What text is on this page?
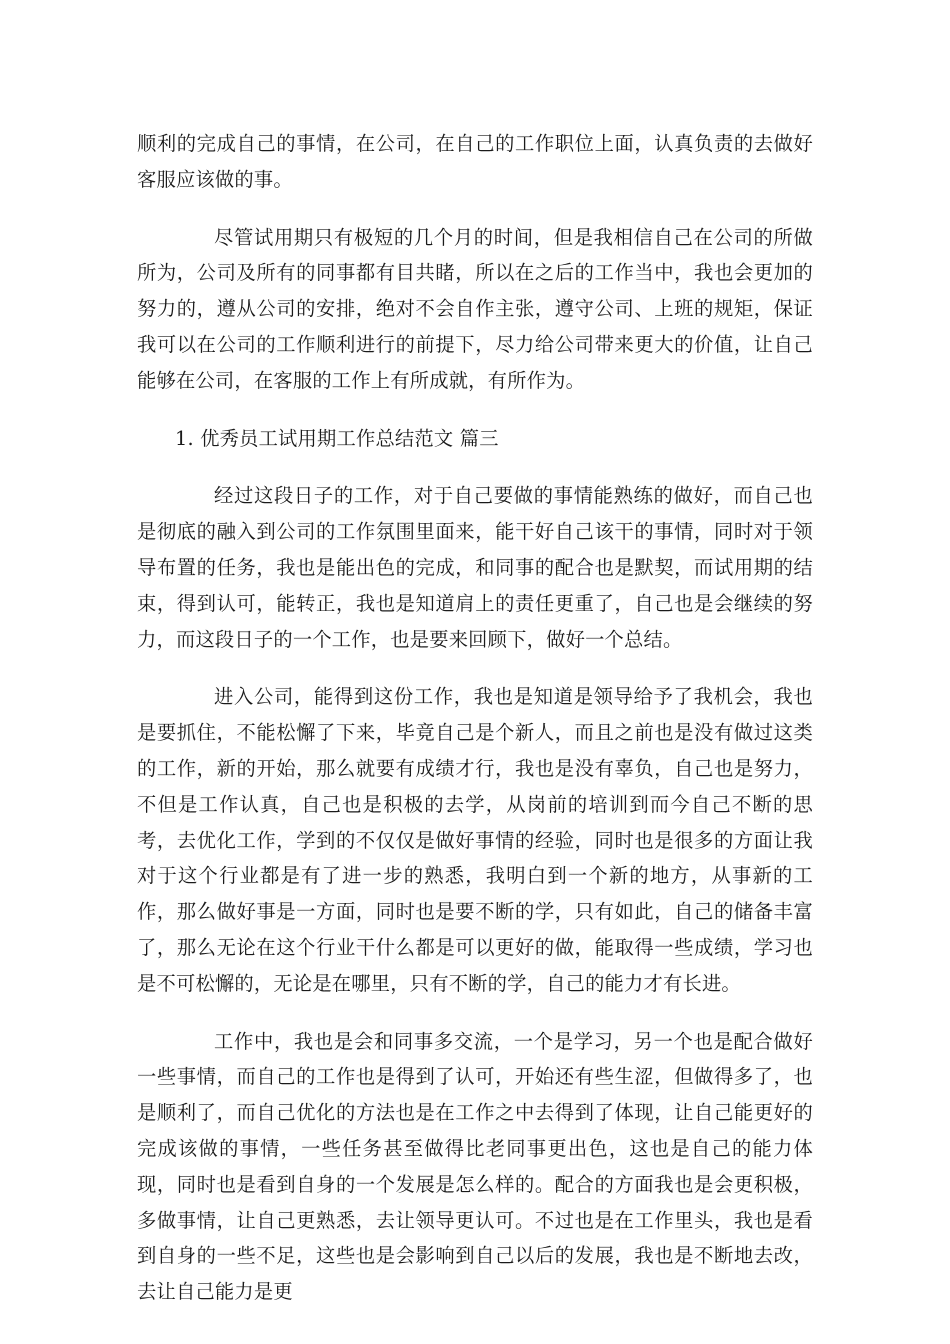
顺利的完成自己的事情，在公司，在自己的工作职位上面，认真负责的去做好客服应该做的事。

尽管试用期只有极短的几个月的时间，但是我相信自己在公司的所做所为，公司及所有的同事都有目共睹，所以在之后的工作当中，我也会更加的努力的，遵从公司的安排，绝对不会自作主张，遵守公司、上班的规矩，保证我可以在公司的工作顺利进行的前提下，尽力给公司带来更大的价值，让自己能够在公司，在客服的工作上有所成就，有所作为。

1. 优秀员工试用期工作总结范文 篇三

经过这段日子的工作，对于自己要做的事情能熟练的做好，而自己也是彻底的融入到公司的工作氛围里面来，能干好自己该干的事情，同时对于领导布置的任务，我也是能出色的完成，和同事的配合也是默契，而试用期的结束，得到认可，能转正，我也是知道肩上的责任更重了，自己也是会继续的努力，而这段日子的一个工作，也是要来回顾下，做好一个总结。

进入公司，能得到这份工作，我也是知道是领导给予了我机会，我也是要抓住，不能松懈了下来，毕竟自己是个新人，而且之前也是没有做过这类的工作，新的开始，那么就要有成绩才行，我也是没有辜负，自己也是努力，不但是工作认真，自己也是积极的去学，从岗前的培训到而今自己不断的思考，去优化工作，学到的不仅仅是做好事情的经验，同时也是很多的方面让我对于这个行业都是有了进一步的熟悉，我明白到一个新的地方，从事新的工作，那么做好事是一方面，同时也是要不断的学，只有如此，自己的储备丰富了，那么无论在这个行业干什么都是可以更好的做，能取得一些成绩，学习也是不可松懈的，无论是在哪里，只有不断的学，自己的能力才有长进。

工作中，我也是会和同事多交流，一个是学习，另一个也是配合做好一些事情，而自己的工作也是得到了认可，开始还有些生涩，但做得多了，也是顺利了，而自己优化的方法也是在工作之中去得到了体现，让自己能更好的完成该做的事情，一些任务甚至做得比老同事更出色，这也是自己的能力体现，同时也是看到自身的一个发展是怎么样的。配合的方面我也是会更积极，多做事情，让自己更熟悉，去让领导更认可。不过也是在工作里头，我也是看到自身的一些不足，这些也是会影响到自己以后的发展，我也是不断地去改，去让自己能力是更
